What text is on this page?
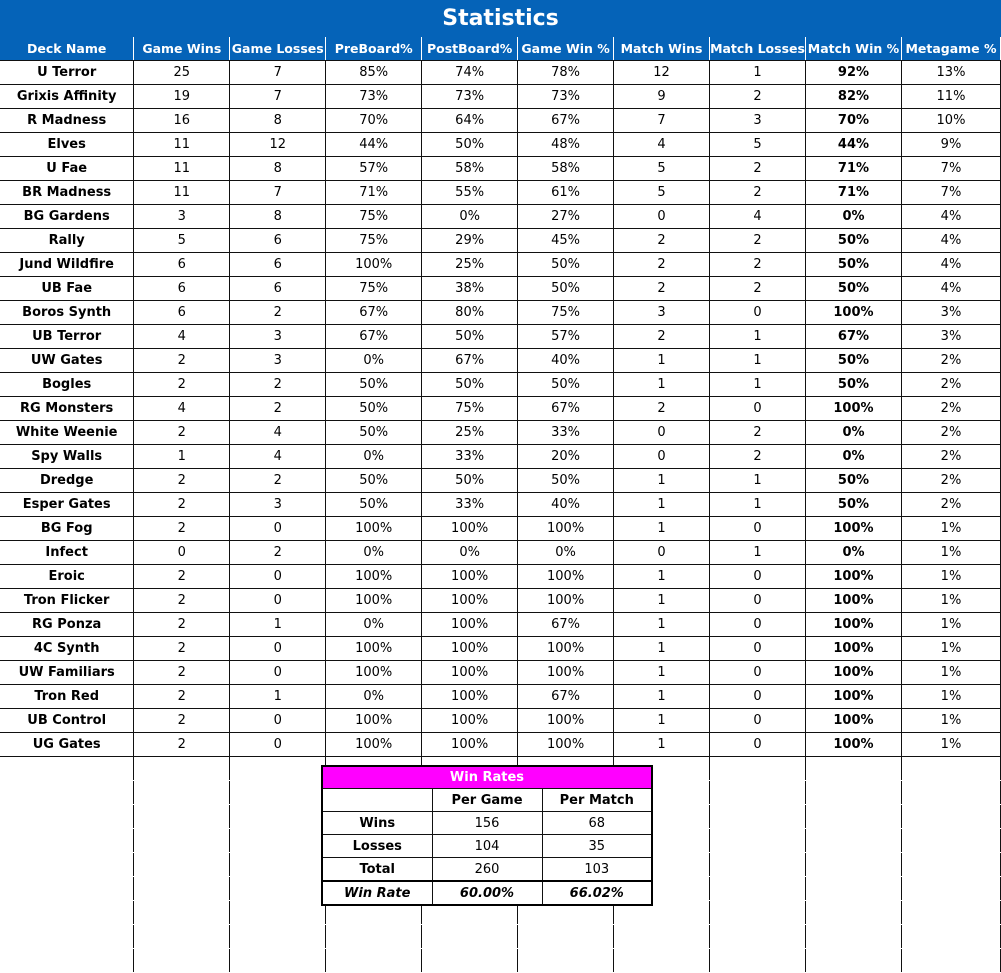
Statistics
Deck Name	Game Wins	Game Losses	PreBoard%	PostBoard%	Game Win %	Match Wins	Match Losses	Match Win %	Metagame %
U Terror	25	7	85%	74%	78%	12	1	92%	13%
Grixis Affinity	19	7	73%	73%	73%	9	2	82%	11%
R Madness	16	8	70%	64%	67%	7	3	70%	10%
Elves	11	12	44%	50%	48%	4	5	44%	9%
U Fae	11	8	57%	58%	58%	5	2	71%	7%
BR Madness	11	7	71%	55%	61%	5	2	71%	7%
BG Gardens	3	8	75%	0%	27%	0	4	0%	4%
Rally	5	6	75%	29%	45%	2	2	50%	4%
Jund Wildfire	6	6	100%	25%	50%	2	2	50%	4%
UB Fae	6	6	75%	38%	50%	2	2	50%	4%
Boros Synth	6	2	67%	80%	75%	3	0	100%	3%
UB Terror	4	3	67%	50%	57%	2	1	67%	3%
UW Gates	2	3	0%	67%	40%	1	1	50%	2%
Bogles	2	2	50%	50%	50%	1	1	50%	2%
RG Monsters	4	2	50%	75%	67%	2	0	100%	2%
White Weenie	2	4	50%	25%	33%	0	2	0%	2%
Spy Walls	1	4	0%	33%	20%	0	2	0%	2%
Dredge	2	2	50%	50%	50%	1	1	50%	2%
Esper Gates	2	3	50%	33%	40%	1	1	50%	2%
BG Fog	2	0	100%	100%	100%	1	0	100%	1%
Infect	0	2	0%	0%	0%	0	1	0%	1%
Eroic	2	0	100%	100%	100%	1	0	100%	1%
Tron Flicker	2	0	100%	100%	100%	1	0	100%	1%
RG Ponza	2	1	0%	100%	67%	1	0	100%	1%
4C Synth	2	0	100%	100%	100%	1	0	100%	1%
UW Familiars	2	0	100%	100%	100%	1	0	100%	1%
Tron Red	2	1	0%	100%	67%	1	0	100%	1%
UB Control	2	0	100%	100%	100%	1	0	100%	1%
UG Gates	2	0	100%	100%	100%	1	0	100%	1%

Win Rates		
	Per Game	Per Match
Wins	156	68
Losses	104	35
Total	260	103
Win Rate	60.00%	66.02%
